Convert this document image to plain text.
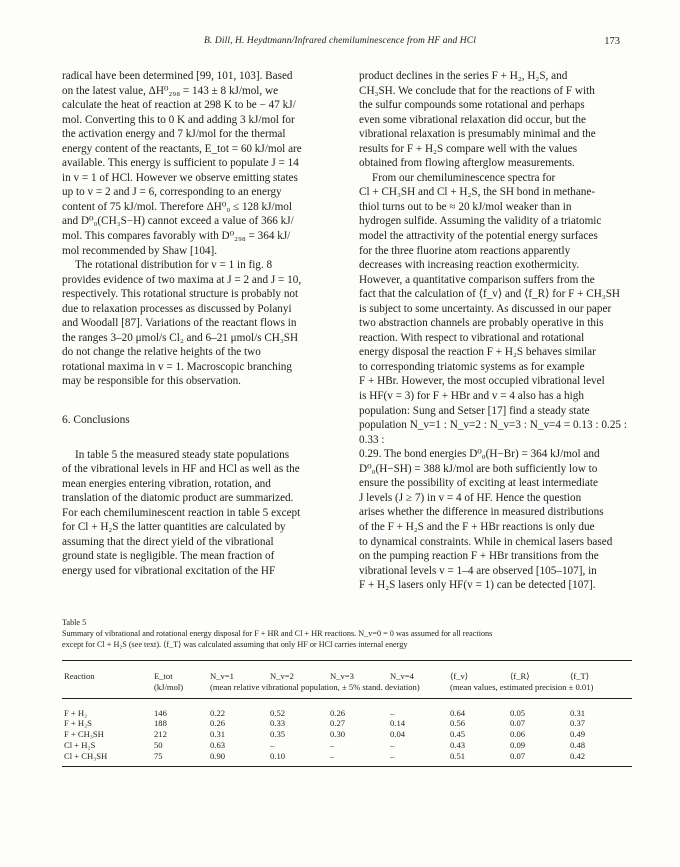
B. Dill, H. Heydtmann/Infrared chemiluminescence from HF and HCl	173

radical have been determined [99, 101, 103]. Based
on the latest value, ΔH⁰₂₉₈ = 143 ± 8 kJ/mol, we
calculate the heat of reaction at 298 K to be − 47 kJ/
mol. Converting this to 0 K and adding 3 kJ/mol for
the activation energy and 7 kJ/mol for the thermal
energy content of the reactants, E_tot = 60 kJ/mol are
available. This energy is sufficient to populate J = 14
in v = 1 of HCl. However we observe emitting states
up to v = 2 and J = 6, corresponding to an energy
content of 75 kJ/mol. Therefore ΔH⁰₀ ≤ 128 kJ/mol
and D⁰₀(CH₃S−H) cannot exceed a value of 366 kJ/
mol. This compares favorably with D⁰₂₉₈ = 364 kJ/
mol recommended by Shaw [104].

The rotational distribution for v = 1 in fig. 8
provides evidence of two maxima at J = 2 and J = 10,
respectively. This rotational structure is probably not
due to relaxation processes as discussed by Polanyi
and Woodall [87]. Variations of the reactant flows in
the ranges 3–20 μmol/s Cl₂ and 6–21 μmol/s CH₃SH
do not change the relative heights of the two
rotational maxima in v = 1. Macroscopic branching
may be responsible for this observation.

6. Conclusions

In table 5 the measured steady state populations
of the vibrational levels in HF and HCl as well as the
mean energies entering vibration, rotation, and
translation of the diatomic product are summarized.
For each chemiluminescent reaction in table 5 except
for Cl + H₂S the latter quantities are calculated by
assuming that the direct yield of the vibrational
ground state is negligible. The mean fraction of
energy used for vibrational excitation of the HF

product declines in the series F + H₂, H₂S, and
CH₃SH. We conclude that for the reactions of F with
the sulfur compounds some rotational and perhaps
even some vibrational relaxation did occur, but the
vibrational relaxation is presumably minimal and the
results for F + H₂S compare well with the values
obtained from flowing afterglow measurements.

From our chemiluminescence spectra for
Cl + CH₃SH and Cl + H₂S, the SH bond in methane-
thiol turns out to be ≈ 20 kJ/mol weaker than in
hydrogen sulfide. Assuming the validity of a triatomic
model the attractivity of the potential energy surfaces
for the three fluorine atom reactions apparently
decreases with increasing reaction exothermicity.
However, a quantitative comparison suffers from the
fact that the calculation of ⟨f_v⟩ and ⟨f_R⟩ for F + CH₃SH
is subject to some uncertainty. As discussed in our paper
two abstraction channels are probably operative in this
reaction. With respect to vibrational and rotational
energy disposal the reaction F + H₂S behaves similar
to corresponding triatomic systems as for example
F + HBr. However, the most occupied vibrational level
is HF(v = 3) for F + HBr and v = 4 also has a high
population: Sung and Setser [17] find a steady state
population N_v=1 : N_v=2 : N_v=3 : N_v=4 = 0.13 : 0.25 : 0.33 :
0.29. The bond energies D⁰₀(H−Br) = 364 kJ/mol and
D⁰₀(H−SH) = 388 kJ/mol are both sufficiently low to
ensure the possibility of exciting at least intermediate
J levels (J ≥ 7) in v = 4 of HF. Hence the question
arises whether the difference in measured distributions
of the F + H₂S and the F + HBr reactions is only due
to dynamical constraints. While in chemical lasers based
on the pumping reaction F + HBr transitions from the
vibrational levels v = 1–4 are observed [105–107], in
F + H₂S lasers only HF(v = 1) can be detected [107].

Table 5

Summary of vibrational and rotational energy disposal for F + HR and Cl + HR reactions. N_v=0 = 0 was assumed for all reactions
except for Cl + H₂S (see text). ⟨f_T⟩ was calculated assuming that only HF or HCl carries internal energy

Reaction	E_tot	N_v=1	N_v=2	N_v=3	N_v=4	⟨f_v⟩	⟨f_R⟩	⟨f_T⟩
	(kJ/mol)	(mean relative vibrational population, ± 5% stand. deviation)				(mean values, estimated precision ± 0.01)		
F + H₂	146	0.22	0.52	0.26	–	0.64	0.05	0.31
F + H₂S	188	0.26	0.33	0.27	0.14	0.56	0.07	0.37
F + CH₃SH	212	0.31	0.35	0.30	0.04	0.45	0.06	0.49
Cl + H₂S	50	0.63	–	–	–	0.43	0.09	0.48
Cl + CH₃SH	75	0.90	0.10	–	–	0.51	0.07	0.42
